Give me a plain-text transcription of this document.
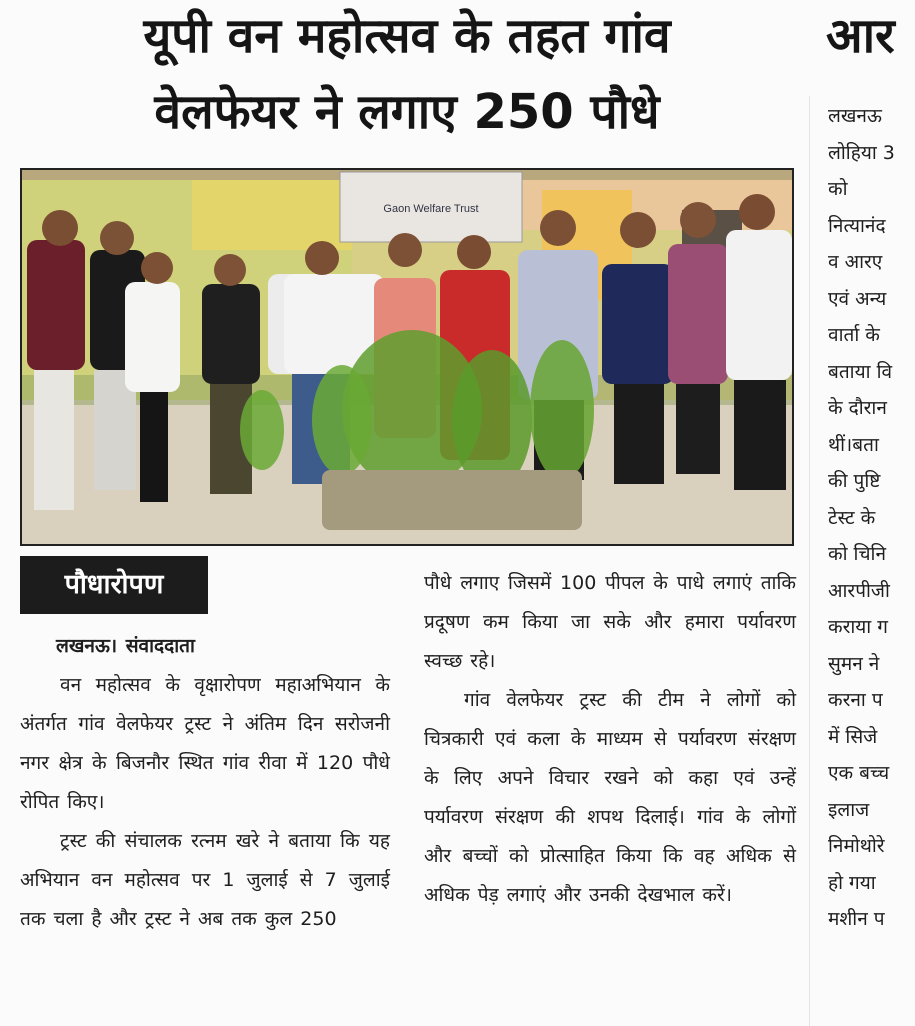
यूपी वन महोत्सव के तहत गांव
वेलफेयर ने लगाए 250 पौधे
आर
Gaon Welfare Trust
पौधारोपण

लखनऊ। संवाददाता

वन महोत्सव के वृक्षारोपण महाअभियान के अंतर्गत गांव वेलफेयर ट्रस्ट ने अंतिम दिन सरोजनी नगर क्षेत्र के बिजनौर स्थित गांव रीवा में 120 पौधे रोपित किए।

ट्रस्ट की संचालक रत्नम खरे ने बताया कि यह अभियान वन महोत्सव पर 1 जुलाई से 7 जुलाई तक चला है और ट्रस्ट ने अब तक कुल 250

पौधे लगाए जिसमें 100 पीपल के पाधे लगाएं ताकि प्रदूषण कम किया जा सके और हमारा पर्यावरण स्वच्छ रहे।

गांव वेलफेयर ट्रस्ट की टीम ने लोगों को चित्रकारी एवं कला के माध्यम से पर्यावरण संरक्षण के लिए अपने विचार रखने को कहा एवं उन्हें पर्यावरण संरक्षण की शपथ दिलाई। गांव के लोगों और बच्चों को प्रोत्साहित किया कि वह अधिक से अधिक पेड़ लगाएं और उनकी देखभाल करें।

लखनऊ
लोहिया 3
को
नित्यानंद
व आरए
एवं अन्य
वार्ता के
बताया वि
के दौरान
थीं।बता
की पुष्टि
टेस्ट के
को चिनि
आरपीजी
कराया ग
सुमन ने
करना प
में सिजे
एक बच्च
इलाज
निमोथोरे
हो गया
मशीन प
